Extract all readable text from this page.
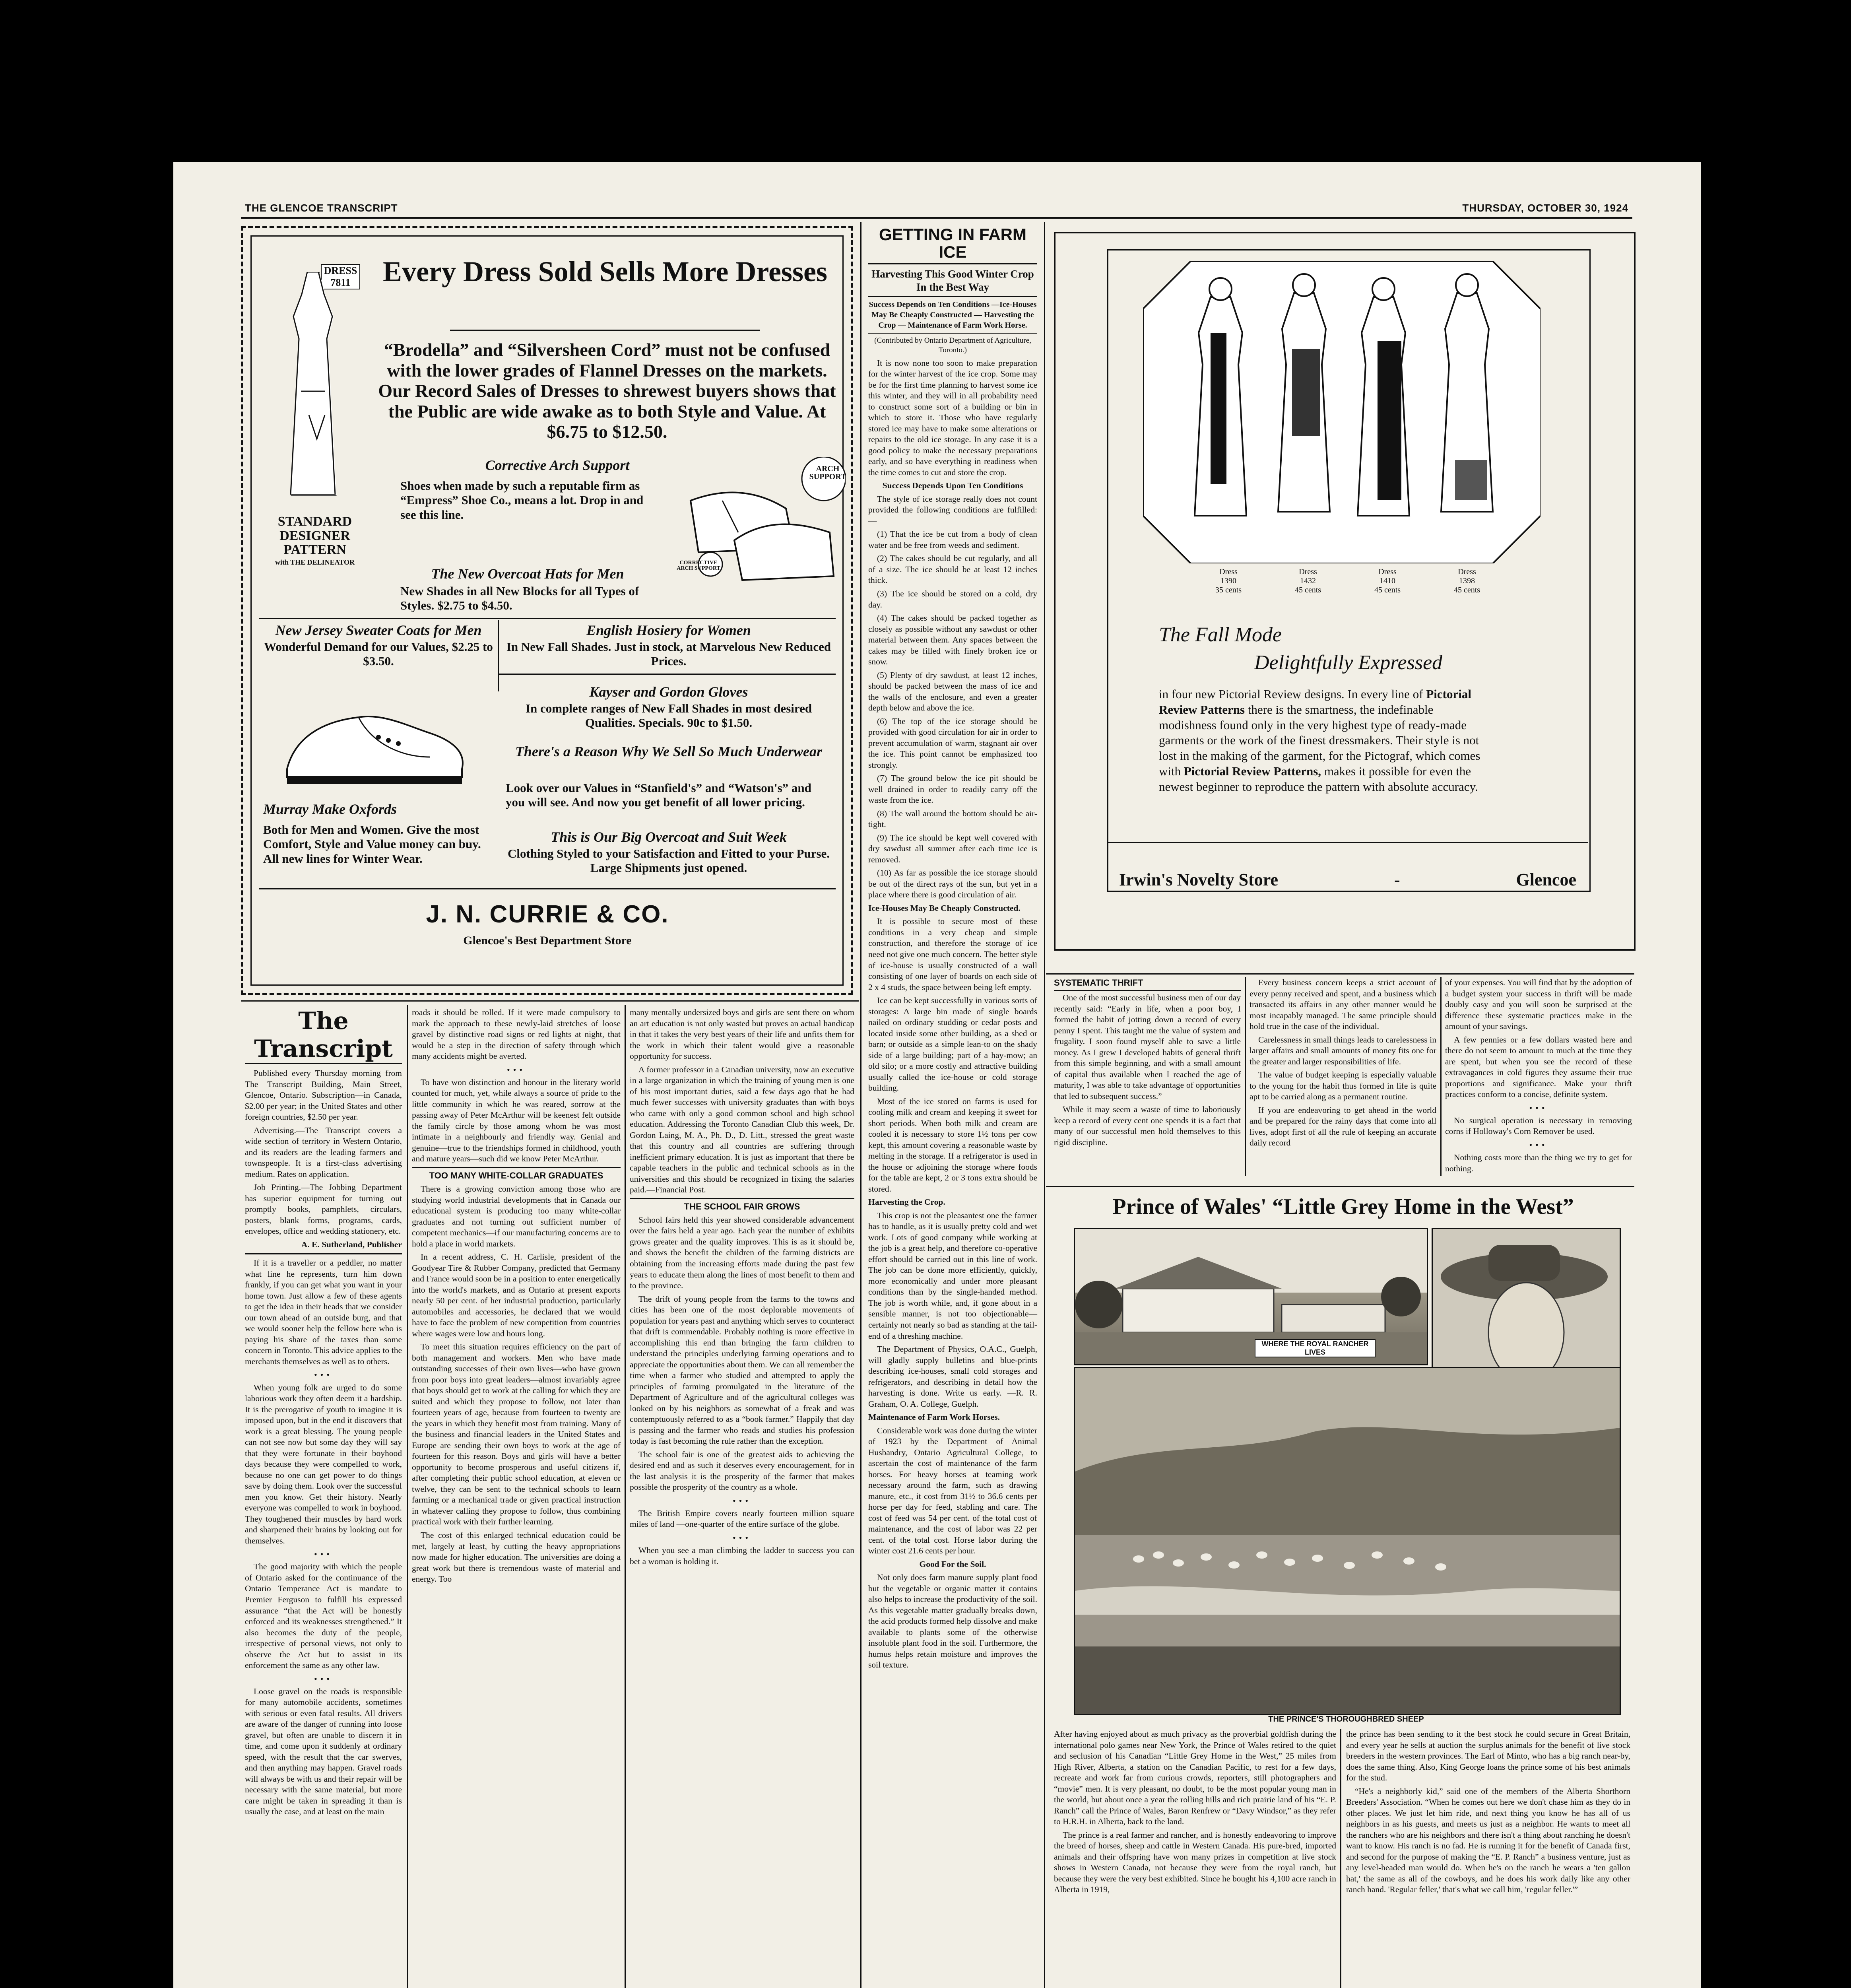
THE GLENCOE TRANSCRIPT	THURSDAY, OCTOBER 30, 1924
DRESS 7811
STANDARD DESIGNER PATTERN
with THE DELINEATOR
Every Dress Sold Sells More Dresses
“Brodella” and “Silversheen Cord” must not be confused with the lower grades of Flannel Dresses on the markets. Our Record Sales of Dresses to shrewest buyers shows that the Public are wide awake as to both Style and Value. At $6.75 to $12.50.
Corrective Arch Support
Shoes when made by such a reputable firm as “Empress” Shoe Co., means a lot. Drop in and see this line.
ARCH SUPPORT
CORRECTIVE ARCH SUPPORT
The New Overcoat Hats for Men
New Shades in all New Blocks for all Types of Styles. $2.75 to $4.50.
New Jersey Sweater Coats for Men
Wonderful Demand for our Values, $2.25 to $3.50.
English Hosiery for Women
In New Fall Shades. Just in stock, at Marvelous New Reduced Prices.
Kayser and Gordon Gloves
In complete ranges of New Fall Shades in most desired Qualities. Specials. 90c to $1.50.
There's a Reason Why We Sell So Much Underwear
Look over our Values in “Stanfield's” and “Watson's” and you will see. And now you get benefit of all lower pricing.
Murray Make Oxfords
Both for Men and Women. Give the most Comfort, Style and Value money can buy. All new lines for Winter Wear.
This is Our Big Overcoat and Suit Week
Clothing Styled to your Satisfaction and Fitted to your Purse. Large Shipments just opened.
J. N. CURRIE & CO.
Glencoe's Best Department Store
GETTING IN FARM ICE
Harvesting This Good Winter Crop In the Best Way
Success Depends on Ten Conditions —Ice-Houses May Be Cheaply Constructed — Harvesting the Crop — Maintenance of Farm Work Horse.
(Contributed by Ontario Department of Agriculture, Toronto.)

It is now none too soon to make preparation for the winter harvest of the ice crop. Some may be for the first time planning to harvest some ice this winter, and they will in all probability need to construct some sort of a building or bin in which to store it. Those who have regularly stored ice may have to make some alterations or repairs to the old ice storage. In any case it is a good policy to make the necessary preparations early, and so have everything in readiness when the time comes to cut and store the crop.

Success Depends Upon Ten Conditions

The style of ice storage really does not count provided the following conditions are fulfilled:—

(1) That the ice be cut from a body of clean water and be free from weeds and sediment.

(2) The cakes should be cut regularly, and all of a size. The ice should be at least 12 inches thick.

(3) The ice should be stored on a cold, dry day.

(4) The cakes should be packed together as closely as possible without any sawdust or other material between them. Any spaces between the cakes may be filled with finely broken ice or snow.

(5) Plenty of dry sawdust, at least 12 inches, should be packed between the mass of ice and the walls of the enclosure, and even a greater depth below and above the ice.

(6) The top of the ice storage should be provided with good circulation for air in order to prevent accumulation of warm, stagnant air over the ice. This point cannot be emphasized too strongly.

(7) The ground below the ice pit should be well drained in order to readily carry off the waste from the ice.

(8) The wall around the bottom should be air-tight.

(9) The ice should be kept well covered with dry sawdust all summer after each time ice is removed.

(10) As far as possible the ice storage should be out of the direct rays of the sun, but yet in a place where there is good circulation of air.

Ice-Houses May Be Cheaply Constructed.

It is possible to secure most of these conditions in a very cheap and simple construction, and therefore the storage of ice need not give one much concern. The better style of ice-house is usually constructed of a wall consisting of one layer of boards on each side of 2 x 4 studs, the space between being left empty.

Ice can be kept successfully in various sorts of storages: A large bin made of single boards nailed on ordinary studding or cedar posts and located inside some other building, as a shed or barn; or outside as a simple lean-to on the shady side of a large building; part of a hay-mow; an old silo; or a more costly and attractive building usually called the ice-house or cold storage building.

Most of the ice stored on farms is used for cooling milk and cream and keeping it sweet for short periods. When both milk and cream are cooled it is necessary to store 1½ tons per cow kept, this amount covering a reasonable waste by melting in the storage. If a refrigerator is used in the house or adjoining the storage where foods for the table are kept, 2 or 3 tons extra should be stored.

Harvesting the Crop.

This crop is not the pleasantest one the farmer has to handle, as it is usually pretty cold and wet work. Lots of good company while working at the job is a great help, and therefore co-operative effort should be carried out in this line of work. The job can be done more efficiently, quickly, more economically and under more pleasant conditions than by the single-handed method. The job is worth while, and, if gone about in a sensible manner, is not too objectionable—certainly not nearly so bad as standing at the tail-end of a threshing machine.

The Department of Physics, O.A.C., Guelph, will gladly supply bulletins and blue-prints describing ice-houses, small cold storages and refrigerators, and describing in detail how the harvesting is done. Write us early. —R. R. Graham, O. A. College, Guelph.

Maintenance of Farm Work Horses.

Considerable work was done during the winter of 1923 by the Department of Animal Husbandry, Ontario Agricultural College, to ascertain the cost of maintenance of the farm horses. For heavy horses at teaming work necessary around the farm, such as drawing manure, etc., it cost from 31½ to 36.6 cents per horse per day for feed, stabling and care. The cost of feed was 54 per cent. of the total cost of maintenance, and the cost of labor was 22 per cent. of the total cost. Horse labor during the winter cost 21.6 cents per hour.

Good For the Soil.

Not only does farm manure supply plant food but the vegetable or organic matter it contains also helps to increase the productivity of the soil. As this vegetable matter gradually breaks down, the acid products formed help dissolve and make available to plants some of the otherwise insoluble plant food in the soil. Furthermore, the humus helps retain moisture and improves the soil texture.

Dress
1390
35 cents
Dress
1432
45 cents
Dress
1410
45 cents
Dress
1398
45 cents
The Fall Mode
Delightfully Expressed
in four new Pictorial Review designs. In every line of Pictorial Review Patterns there is the smartness, the indefinable modishness found only in the very highest type of ready-made garments or the work of the finest dressmakers. Their style is not lost in the making of the garment, for the Pictograf, which comes with Pictorial Review Patterns, makes it possible for even the newest beginner to reproduce the pattern with absolute accuracy.
Irwin's Novelty Store	-	Glencoe
The Transcript

Published every Thursday morning from The Transcript Building, Main Street, Glencoe, Ontario. Subscription—in Canada, $2.00 per year; in the United States and other foreign countries, $2.50 per year.

Advertising.—The Transcript covers a wide section of territory in Western Ontario, and its readers are the leading farmers and townspeople. It is a first-class advertising medium. Rates on application.

Job Printing.—The Jobbing Department has superior equipment for turning out promptly books, pamphlets, circulars, posters, blank forms, programs, cards, envelopes, office and wedding stationery, etc.

A. E. Sutherland, Publisher

If it is a traveller or a peddler, no matter what line he represents, turn him down frankly, if you can get what you want in your home town. Just allow a few of these agents to get the idea in their heads that we consider our town ahead of an outside burg, and that we would sooner help the fellow here who is paying his share of the taxes than some concern in Toronto. This advice applies to the merchants themselves as well as to others.

•••

When young folk are urged to do some laborious work they often deem it a hardship. It is the prerogative of youth to imagine it is imposed upon, but in the end it discovers that work is a great blessing. The young people can not see now but some day they will say that they were fortunate in their boyhood days because they were compelled to work, because no one can get power to do things save by doing them. Look over the successful men you know. Get their history. Nearly everyone was compelled to work in boyhood. They toughened their muscles by hard work and sharpened their brains by looking out for themselves.

•••

The good majority with which the people of Ontario asked for the continuance of the Ontario Temperance Act is mandate to Premier Ferguson to fulfill his expressed assurance “that the Act will be honestly enforced and its weaknesses strengthened.” It also becomes the duty of the people, irrespective of personal views, not only to observe the Act but to assist in its enforcement the same as any other law.

•••

Loose gravel on the roads is responsible for many automobile accidents, sometimes with serious or even fatal results. All drivers are aware of the danger of running into loose gravel, but often are unable to discern it in time, and come upon it suddenly at ordinary speed, with the result that the car swerves, and then anything may happen. Gravel roads will always be with us and their repair will be necessary with the same material, but more care might be taken in spreading it than is usually the case, and at least on the main

roads it should be rolled. If it were made compulsory to mark the approach to these newly-laid stretches of loose gravel by distinctive road signs or red lights at night, that would be a step in the direction of safety through which many accidents might be averted.

•••

To have won distinction and honour in the literary world counted for much, yet, while always a source of pride to the little community in which he was reared, sorrow at the passing away of Peter McArthur will be keenest felt outside the family circle by those among whom he was most intimate in a neighbourly and friendly way. Genial and genuine—true to the friendships formed in childhood, youth and mature years—such did we know Peter McArthur.

TOO MANY WHITE-COLLAR GRADUATES

There is a growing conviction among those who are studying world industrial developments that in Canada our educational system is producing too many white-collar graduates and not turning out sufficient number of competent mechanics—if our manufacturing concerns are to hold a place in world markets.

In a recent address, C. H. Carlisle, president of the Goodyear Tire & Rubber Company, predicted that Germany and France would soon be in a position to enter energetically into the world's markets, and as Ontario at present exports nearly 50 per cent. of her industrial production, particularly automobiles and accessories, he declared that we would have to face the problem of new competition from countries where wages were low and hours long.

To meet this situation requires efficiency on the part of both management and workers. Men who have made outstanding successes of their own lives—who have grown from poor boys into great leaders—almost invariably agree that boys should get to work at the calling for which they are suited and which they propose to follow, not later than fourteen years of age, because from fourteen to twenty are the years in which they benefit most from training. Many of the business and financial leaders in the United States and Europe are sending their own boys to work at the age of fourteen for this reason. Boys and girls will have a better opportunity to become prosperous and useful citizens if, after completing their public school education, at eleven or twelve, they can be sent to the technical schools to learn farming or a mechanical trade or given practical instruction in whatever calling they propose to follow, thus combining practical work with their further learning.

The cost of this enlarged technical education could be met, largely at least, by cutting the heavy appropriations now made for higher education. The universities are doing a great work but there is tremendous waste of material and energy. Too

many mentally undersized boys and girls are sent there on whom an art education is not only wasted but proves an actual handicap in that it takes the very best years of their life and unfits them for the work in which their talent would give a reasonable opportunity for success.

A former professor in a Canadian university, now an executive in a large organization in which the training of young men is one of his most important duties, said a few days ago that he had much fewer successes with university graduates than with boys who came with only a good common school and high school education. Addressing the Toronto Canadian Club this week, Dr. Gordon Laing, M. A., Ph. D., D. Litt., stressed the great waste that this country and all countries are suffering through inefficient primary education. It is just as important that there be capable teachers in the public and technical schools as in the universities and this should be recognized in fixing the salaries paid.—Financial Post.

THE SCHOOL FAIR GROWS

School fairs held this year showed considerable advancement over the fairs held a year ago. Each year the number of exhibits grows greater and the quality improves. This is as it should be, and shows the benefit the children of the farming districts are obtaining from the increasing efforts made during the past few years to educate them along the lines of most benefit to them and to the province.

The drift of young people from the farms to the towns and cities has been one of the most deplorable movements of population for years past and anything which serves to counteract that drift is commendable. Probably nothing is more effective in accomplishing this end than bringing the farm children to understand the principles underlying farming operations and to appreciate the opportunities about them. We can all remember the time when a farmer who studied and attempted to apply the principles of farming promulgated in the literature of the Department of Agriculture and of the agricultural colleges was looked on by his neighbors as somewhat of a freak and was contemptuously referred to as a “book farmer.” Happily that day is passing and the farmer who reads and studies his profession today is fast becoming the rule rather than the exception.

The school fair is one of the greatest aids to achieving the desired end and as such it deserves every encouragement, for in the last analysis it is the prosperity of the farmer that makes possible the prosperity of the country as a whole.

•••

The British Empire covers nearly fourteen million square miles of land —one-quarter of the entire surface of the globe.

•••

When you see a man climbing the ladder to success you can bet a woman is holding it.

SYSTEMATIC THRIFT

One of the most successful business men of our day recently said: “Early in life, when a poor boy, I formed the habit of jotting down a record of every penny I spent. This taught me the value of system and frugality. I soon found myself able to save a little money. As I grew I developed habits of general thrift from this simple beginning, and with a small amount of capital thus available when I reached the age of maturity, I was able to take advantage of opportunities that led to subsequent success.”

While it may seem a waste of time to laboriously keep a record of every cent one spends it is a fact that many of our successful men hold themselves to this rigid discipline.

Every business concern keeps a strict account of every penny received and spent, and a business which transacted its affairs in any other manner would be most incapably managed. The same principle should hold true in the case of the individual.

Carelessness in small things leads to carelessness in larger affairs and small amounts of money fits one for the greater and larger responsibilities of life.

The value of budget keeping is especially valuable to the young for the habit thus formed in life is quite apt to be carried along as a permanent routine.

If you are endeavoring to get ahead in the world and be prepared for the rainy days that come into all lives, adopt first of all the rule of keeping an accurate daily record

of your expenses. You will find that by the adoption of a budget system your success in thrift will be made doubly easy and you will soon be surprised at the difference these systematic practices make in the amount of your savings.

A few pennies or a few dollars wasted here and there do not seem to amount to much at the time they are spent, but when you see the record of these extravagances in cold figures they assume their true proportions and significance. Make your thrift practices conform to a concise, definite system.

•••

No surgical operation is necessary in removing corns if Holloway's Corn Remover be used.

•••

Nothing costs more than the thing we try to get for nothing.

Prince of Wales' “Little Grey Home in the West”
WHERE THE ROYAL RANCHER LIVES
THE PRINCE'S THOROUGHBRED SHEEP

After having enjoyed about as much privacy as the proverbial goldfish during the international polo games near New York, the Prince of Wales retired to the quiet and seclusion of his Canadian “Little Grey Home in the West,” 25 miles from High River, Alberta, a station on the Canadian Pacific, to rest for a few days, recreate and work far from curious crowds, reporters, still photographers and “movie” men. It is very pleasant, no doubt, to be the most popular young man in the world, but about once a year the rolling hills and rich prairie land of his “E. P. Ranch” call the Prince of Wales, Baron Renfrew or “Davy Windsor,” as they refer to H.R.H. in Alberta, back to the land.

The prince is a real farmer and rancher, and is honestly endeavoring to improve the breed of horses, sheep and cattle in Western Canada. His pure-bred, imported animals and their offspring have won many prizes in competition at live stock shows in Western Canada, not because they were from the royal ranch, but because they were the very best exhibited. Since he bought his 4,100 acre ranch in Alberta in 1919,

the prince has been sending to it the best stock he could secure in Great Britain, and every year he sells at auction the surplus animals for the benefit of live stock breeders in the western provinces. The Earl of Minto, who has a big ranch near-by, does the same thing. Also, King George loans the prince some of his best animals for the stud.

“He's a neighborly kid,” said one of the members of the Alberta Shorthorn Breeders' Association. “When he comes out here we don't chase him as they do in other places. We just let him ride, and next thing you know he has all of us neighbors in as his guests, and meets us just as a neighbor. He wants to meet all the ranchers who are his neighbors and there isn't a thing about ranching he doesn't want to know. His ranch is no fad. He is running it for the benefit of Canada first, and second for the purpose of making the “E. P. Ranch” a business venture, just as any level-headed man would do. When he's on the ranch he wears a 'ten gallon hat,' the same as all of the cowboys, and he does his work daily like any other ranch hand. 'Regular feller,' that's what we call him, 'regular feller.'”
